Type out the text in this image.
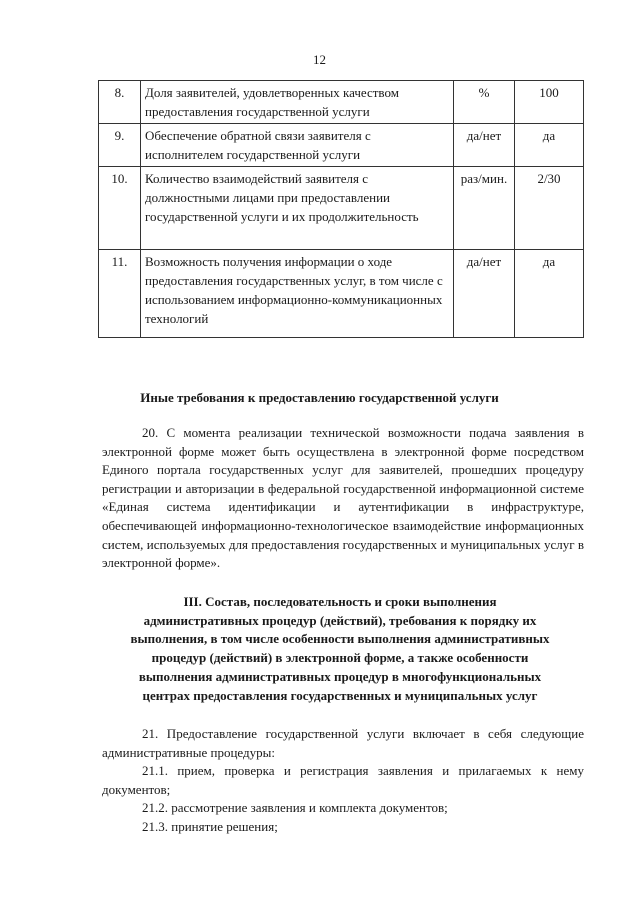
12
8.	Доля заявителей, удовлетворенных качеством предоставления государственной услуги	%	100
9.	Обеспечение обратной связи заявителя с исполнителем государственной услуги	да/нет	да
10.	Количество взаимодействий заявителя с должностными лицами при предоставлении государственной услуги и их продолжительность	раз/мин.	2/30
11.	Возможность получения информации о ходе предоставления государственных услуг, в том числе с использованием информационно-коммуникационных технологий	да/нет	да
Иные требования к предоставлению государственной услуги

20. С момента реализации технической возможности подача заявления в электронной форме может быть осуществлена в электронной форме посредством Единого портала государственных услуг для заявителей, прошедших процедуру регистрации и авторизации в федеральной государственной информационной системе «Единая система идентификации и аутентификации в инфраструктуре, обеспечивающей информационно-технологическое взаимодействие информационных систем, используемых для предоставления государственных и муниципальных услуг в электронной форме».

III. Состав, последовательность и сроки выполнения административных процедур (действий), требования к порядку их выполнения, в том числе особенности выполнения административных процедур (действий) в электронной форме, а также особенности выполнения административных процедур в многофункциональных центрах предоставления государственных и муниципальных услуг

21. Предоставление государственной услуги включает в себя следующие административные процедуры:

21.1. прием, проверка и регистрация заявления и прилагаемых к нему документов;

21.2. рассмотрение заявления и комплекта документов;

21.3. принятие решения;
